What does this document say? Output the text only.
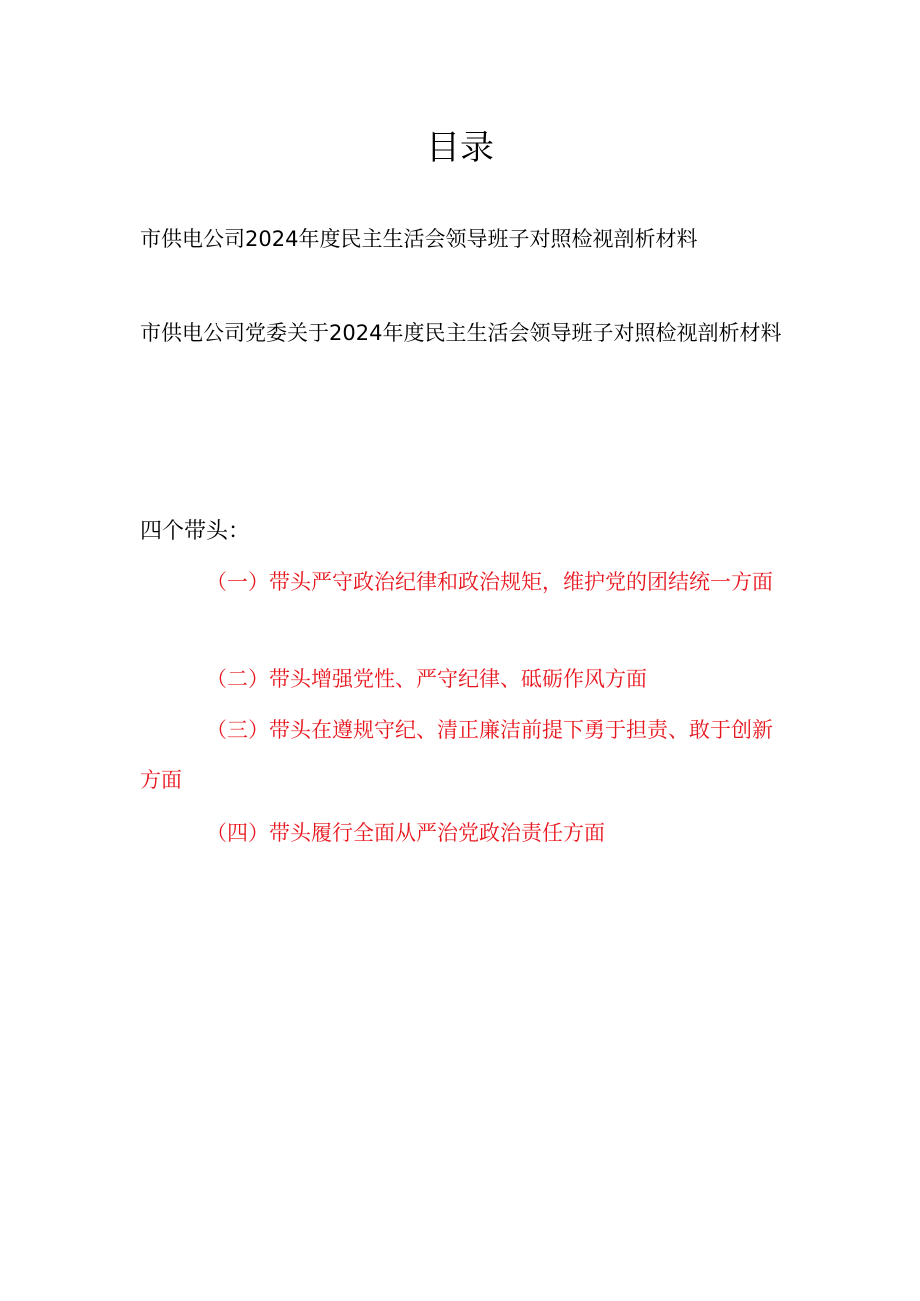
目录
市供电公司2024年度民主生活会领导班子对照检视剖析材料
市供电公司党委关于2024年度民主生活会领导班子对照检视剖析材料
四个带头：
（一）带头严守政治纪律和政治规矩，维护党的团结统一方面
（二）带头增强党性、严守纪律、砥砺作风方面
（三）带头在遵规守纪、清正廉洁前提下勇于担责、敢于创新方面
（四）带头履行全面从严治党政治责任方面
